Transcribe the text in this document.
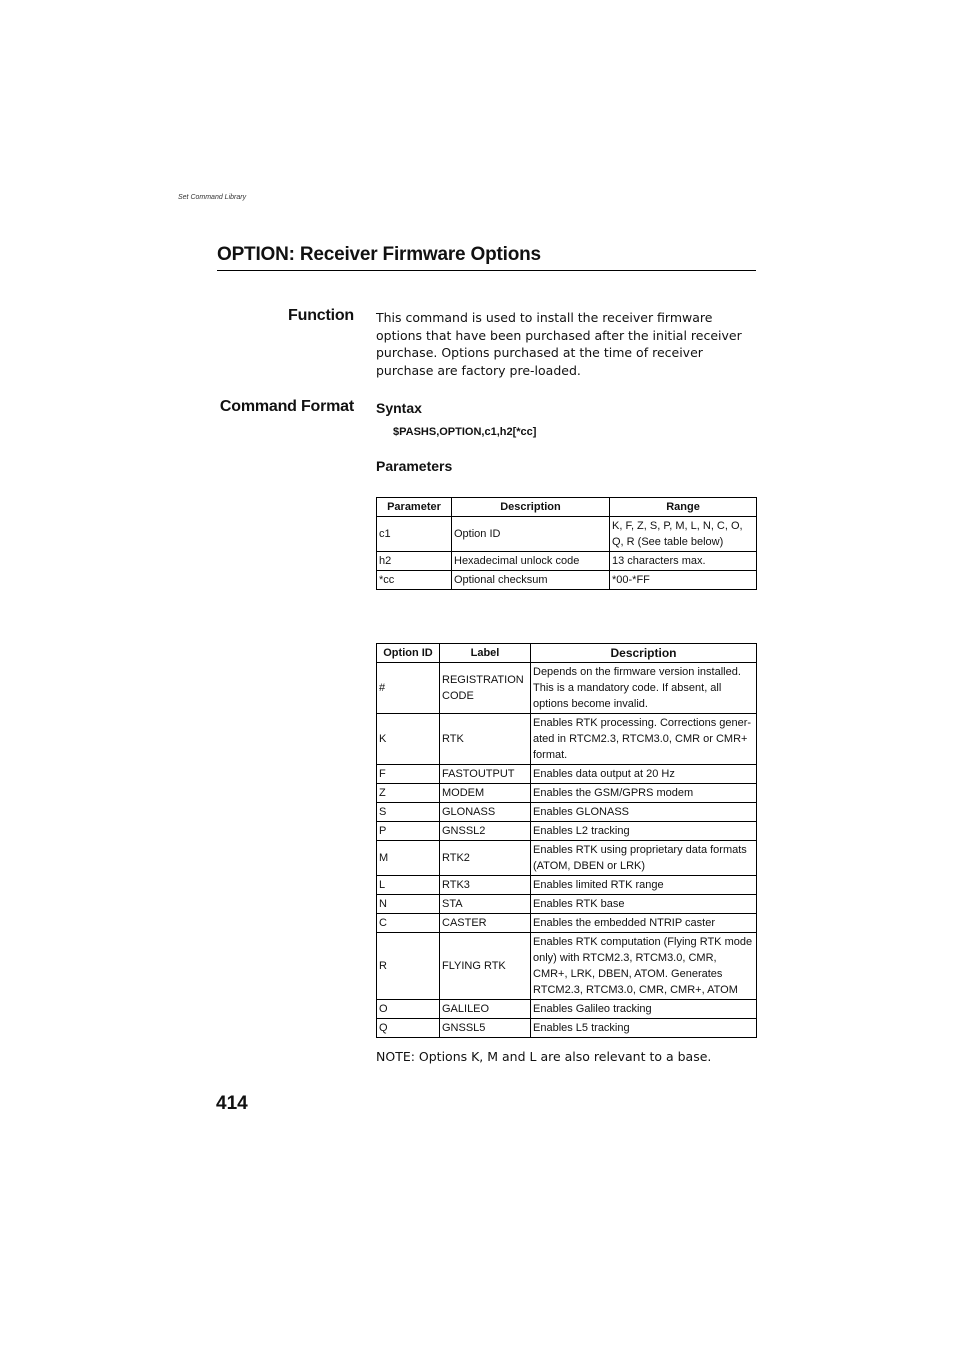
Set Command Library
OPTION: Receiver Firmware Options
Function This command is used to install the receiver firmware options that have been purchased after the initial receiver purchase. Options purchased at the time of receiver purchase are factory pre-loaded.
Command Format Syntax
$PASHS,OPTION,c1,h2[*cc]
Parameters
Parameter	Description	Range
c1	Option ID	K, F, Z, S, P, M, L, N, C, O, Q, R (See table below)
h2	Hexadecimal unlock code	13 characters max.
*cc	Optional checksum	*00-*FF
Option ID	Label	Description
#	REGISTRATION CODE	Depends on the firmware version installed. This is a mandatory code. If absent, all options become invalid.
K	RTK	Enables RTK processing. Corrections gener-ated in RTCM2.3, RTCM3.0, CMR or CMR+ format.
F	FASTOUTPUT	Enables data output at 20 Hz
Z	MODEM	Enables the GSM/GPRS modem
S	GLONASS	Enables GLONASS
P	GNSSL2	Enables L2 tracking
M	RTK2	Enables RTK using proprietary data formats (ATOM, DBEN or LRK)
L	RTK3	Enables limited RTK range
N	STA	Enables RTK base
C	CASTER	Enables the embedded NTRIP caster
R	FLYING RTK	Enables RTK computation (Flying RTK mode only) with RTCM2.3, RTCM3.0, CMR, CMR+, LRK, DBEN, ATOM. Generates RTCM2.3, RTCM3.0, CMR, CMR+, ATOM
O	GALILEO	Enables Galileo tracking
Q	GNSSL5	Enables L5 tracking
NOTE: Options K, M and L are also relevant to a base.
414
